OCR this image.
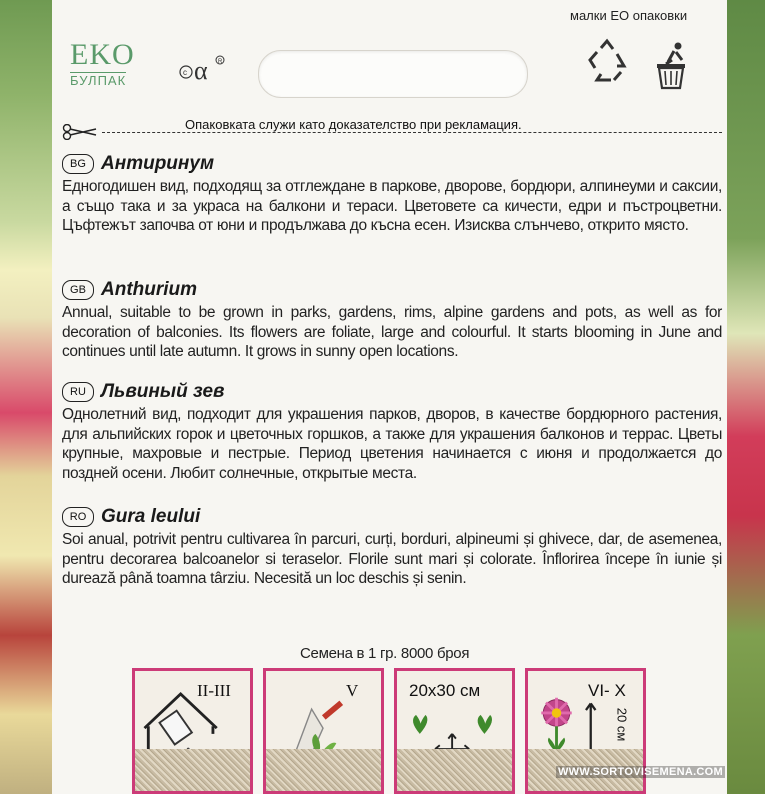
малки ЕО опаковки
EKO
БУЛПАК
c α R
Опаковката служи като доказателство при рекламация.
BG Антиринум
Едногодишен вид, подходящ за отглеждане в паркове, дворове, бордюри, алпинеуми и саксии, а също така и за украса на балкони и тераси. Цветовете са кичести, едри и пъстроцветни. Цъфтежът започва от юни и продължава до късна есен. Изисква слънчево, открито място.
GB Anthurium
Annual, suitable to be grown in parks, gardens, rims, alpine gardens and pots, as well as for decoration of balconies. Its flowers are foliate, large and colourful. It starts blooming in June and continues until late autumn. It grows in sunny open locations.
RU Львиный зев
Однолетний вид, подходит для украшения парков, дворов, в качестве бордюрного растения, для альпийских горок и цветочных горшков, а также для украшения балконов и террас. Цветы крупные, махровые и пестрые. Период цветения начинается с июня и продолжается до поздней осени. Любит солнечные, открытые места.
RO Gura leului
Soi anual, potrivit pentru cultivarea în parcuri, curți, borduri, alpineumi și ghivece, dar, de asemenea, pentru decorarea balcoanelor si teraselor. Florile sunt mari și colorate. Înflorirea începe în iunie și durează până toamna târziu. Necesită un loc deschis și senin.
Семена в 1 гр. 8000 броя
II-III	V	20x30 см	VI- X
20 см
WWW.SORTOVISEMENA.COM
